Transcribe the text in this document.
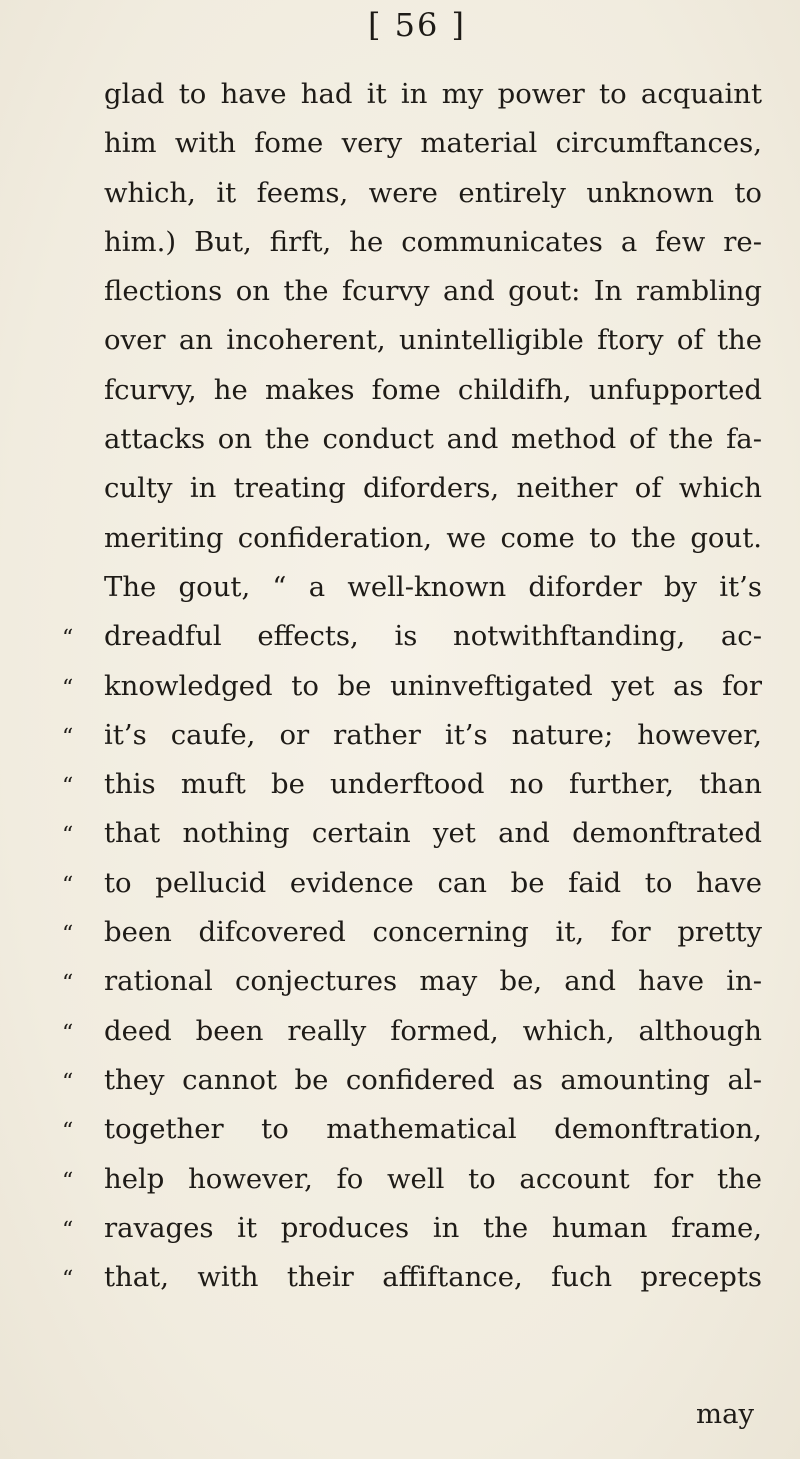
[ 56 ]
glad to have had it in my power to acquaint
him with fome very material circumftances,
which, it feems, were entirely unknown to
him.) But, firft, he communicates a few re-
flections on the fcurvy and gout: In rambling
over an incoherent, unintelligible ftory of the
fcurvy, he makes fome childifh, unfupported
attacks on the conduct and method of the fa-
culty in treating diforders, neither of which
meriting confideration, we come to the gout.
The gout, “ a well-known diforder by it’s
“	dreadful effects, is notwithftanding, ac-
“	knowledged to be uninveftigated yet as for
“	it’s caufe, or rather it’s nature; however,
“	this muft be underftood no further, than
“	that nothing certain yet and demonftrated
“	to pellucid evidence can be faid to have
“	been difcovered concerning it, for pretty
“	rational conjectures may be, and have in-
“	deed been really formed, which, although
“	they cannot be confidered as amounting al-
“	together to mathematical demonftration,
“	help however, fo well to account for the
“	ravages it produces in the human frame,
“	that, with their affiftance, fuch precepts
may
